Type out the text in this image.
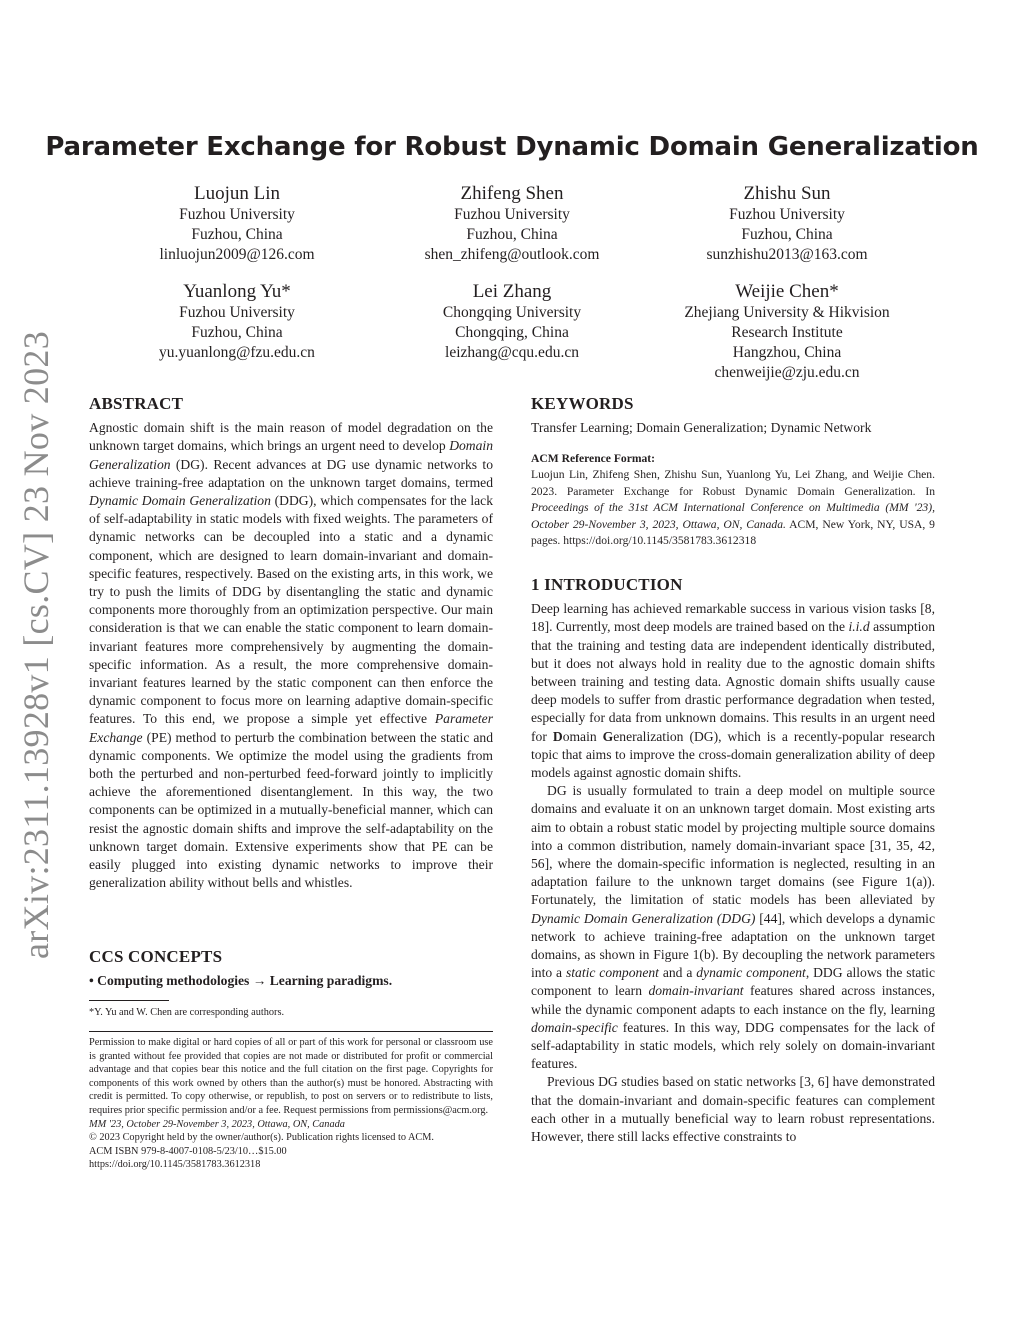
arXiv:2311.13928v1 [cs.CV] 23 Nov 2023
Parameter Exchange for Robust Dynamic Domain Generalization
Luojun Lin
Fuzhou University
Fuzhou, China
linluojun2009@126.com
Zhifeng Shen
Fuzhou University
Fuzhou, China
shen_zhifeng@outlook.com
Zhishu Sun
Fuzhou University
Fuzhou, China
sunzhishu2013@163.com
Yuanlong Yu*
Fuzhou University
Fuzhou, China
yu.yuanlong@fzu.edu.cn
Lei Zhang
Chongqing University
Chongqing, China
leizhang@cqu.edu.cn
Weijie Chen*
Zhejiang University & Hikvision
Research Institute
Hangzhou, China
chenweijie@zju.edu.cn
ABSTRACT

Agnostic domain shift is the main reason of model degradation on the unknown target domains, which brings an urgent need to develop Domain Generalization (DG). Recent advances at DG use dynamic networks to achieve training-free adaptation on the unknown target domains, termed Dynamic Domain Generalization (DDG), which compensates for the lack of self-adaptability in static models with fixed weights. The parameters of dynamic networks can be decoupled into a static and a dynamic component, which are designed to learn domain-invariant and domain-specific features, respectively. Based on the existing arts, in this work, we try to push the limits of DDG by disentangling the static and dynamic components more thoroughly from an optimization perspective. Our main consideration is that we can enable the static component to learn domain-invariant features more comprehensively by augmenting the domain-specific information. As a result, the more comprehensive domain-invariant features learned by the static component can then enforce the dynamic component to focus more on learning adaptive domain-specific features. To this end, we propose a simple yet effective Parameter Exchange (PE) method to perturb the combination between the static and dynamic components. We optimize the model using the gradients from both the perturbed and non-perturbed feed-forward jointly to implicitly achieve the aforementioned disentanglement. In this way, the two components can be optimized in a mutually-beneficial manner, which can resist the agnostic domain shifts and improve the self-adaptability on the unknown target domain. Extensive experiments show that PE can be easily plugged into existing dynamic networks to improve their generalization ability without bells and whistles.

CCS CONCEPTS

• Computing methodologies → Learning paradigms.

*Y. Yu and W. Chen are corresponding authors.

Permission to make digital or hard copies of all or part of this work for personal or classroom use is granted without fee provided that copies are not made or distributed for profit or commercial advantage and that copies bear this notice and the full citation on the first page. Copyrights for components of this work owned by others than the author(s) must be honored. Abstracting with credit is permitted. To copy otherwise, or republish, to post on servers or to redistribute to lists, requires prior specific permission and/or a fee. Request permissions from permissions@acm.org.

MM '23, October 29-November 3, 2023, Ottawa, ON, Canada

© 2023 Copyright held by the owner/author(s). Publication rights licensed to ACM.

ACM ISBN 979-8-4007-0108-5/23/10…$15.00

https://doi.org/10.1145/3581783.3612318

KEYWORDS

Transfer Learning; Domain Generalization; Dynamic Network

ACM Reference Format:

Luojun Lin, Zhifeng Shen, Zhishu Sun, Yuanlong Yu, Lei Zhang, and Weijie Chen. 2023. Parameter Exchange for Robust Dynamic Domain Generalization. In Proceedings of the 31st ACM International Conference on Multimedia (MM '23), October 29-November 3, 2023, Ottawa, ON, Canada. ACM, New York, NY, USA, 9 pages. https://doi.org/10.1145/3581783.3612318

1 INTRODUCTION

Deep learning has achieved remarkable success in various vision tasks [8, 18]. Currently, most deep models are trained based on the i.i.d assumption that the training and testing data are independent identically distributed, but it does not always hold in reality due to the agnostic domain shifts between training and testing data. Agnostic domain shifts usually cause deep models to suffer from drastic performance degradation when tested, especially for data from unknown domains. This results in an urgent need for Domain Generalization (DG), which is a recently-popular research topic that aims to improve the cross-domain generalization ability of deep models against agnostic domain shifts.

DG is usually formulated to train a deep model on multiple source domains and evaluate it on an unknown target domain. Most existing arts aim to obtain a robust static model by projecting multiple source domains into a common distribution, namely domain-invariant space [31, 35, 42, 56], where the domain-specific information is neglected, resulting in an adaptation failure to the unknown target domains (see Figure 1(a)). Fortunately, the limitation of static models has been alleviated by Dynamic Domain Generalization (DDG) [44], which develops a dynamic network to achieve training-free adaptation on the unknown target domains, as shown in Figure 1(b). By decoupling the network parameters into a static component and a dynamic component, DDG allows the static component to learn domain-invariant features shared across instances, while the dynamic component adapts to each instance on the fly, learning domain-specific features. In this way, DDG compensates for the lack of self-adaptability in static models, which rely solely on domain-invariant features.

Previous DG studies based on static networks [3, 6] have demonstrated that the domain-invariant and domain-specific features can complement each other in a mutually beneficial way to learn robust representations. However, there still lacks effective constraints to
